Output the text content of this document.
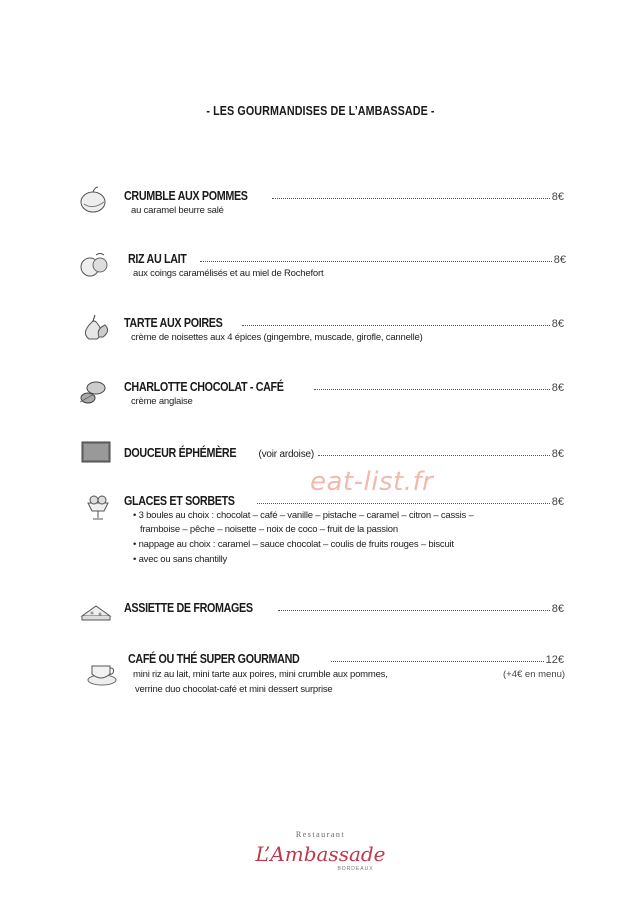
- LES GOURMANDISES DE L’AMBASSADE -
CRUMBLE AUX POMMES	8€
au caramel beurre salé
RIZ AU LAIT	8€
aux coings caramélisés et au miel de Rochefort
TARTE AUX POIRES	8€
crème de noisettes aux 4 épices (gingembre, muscade, girofle, cannelle)
CHARLOTTE CHOCOLAT - CAFÉ	8€
crème anglaise
DOUCEUR ÉPHÉMÈRE (voir ardoise)	8€
eat-list.fr
GLACES ET SORBETS	8€
• 3 boules au choix : chocolat – café – vanille – pistache – caramel – citron – cassis –
framboise – pêche – noisette – noix de coco – fruit de la passion
• nappage au choix : caramel – sauce chocolat – coulis de fruits rouges – biscuit
• avec ou sans chantilly
ASSIETTE DE FROMAGES	8€
CAFÉ OU THÉ SUPER GOURMAND	12€
mini riz au lait, mini tarte aux poires, mini crumble aux pommes,
verrine duo chocolat-café et mini dessert surprise
(+4€ en menu)
Restaurant
L’Ambassade
BORDEAUX
